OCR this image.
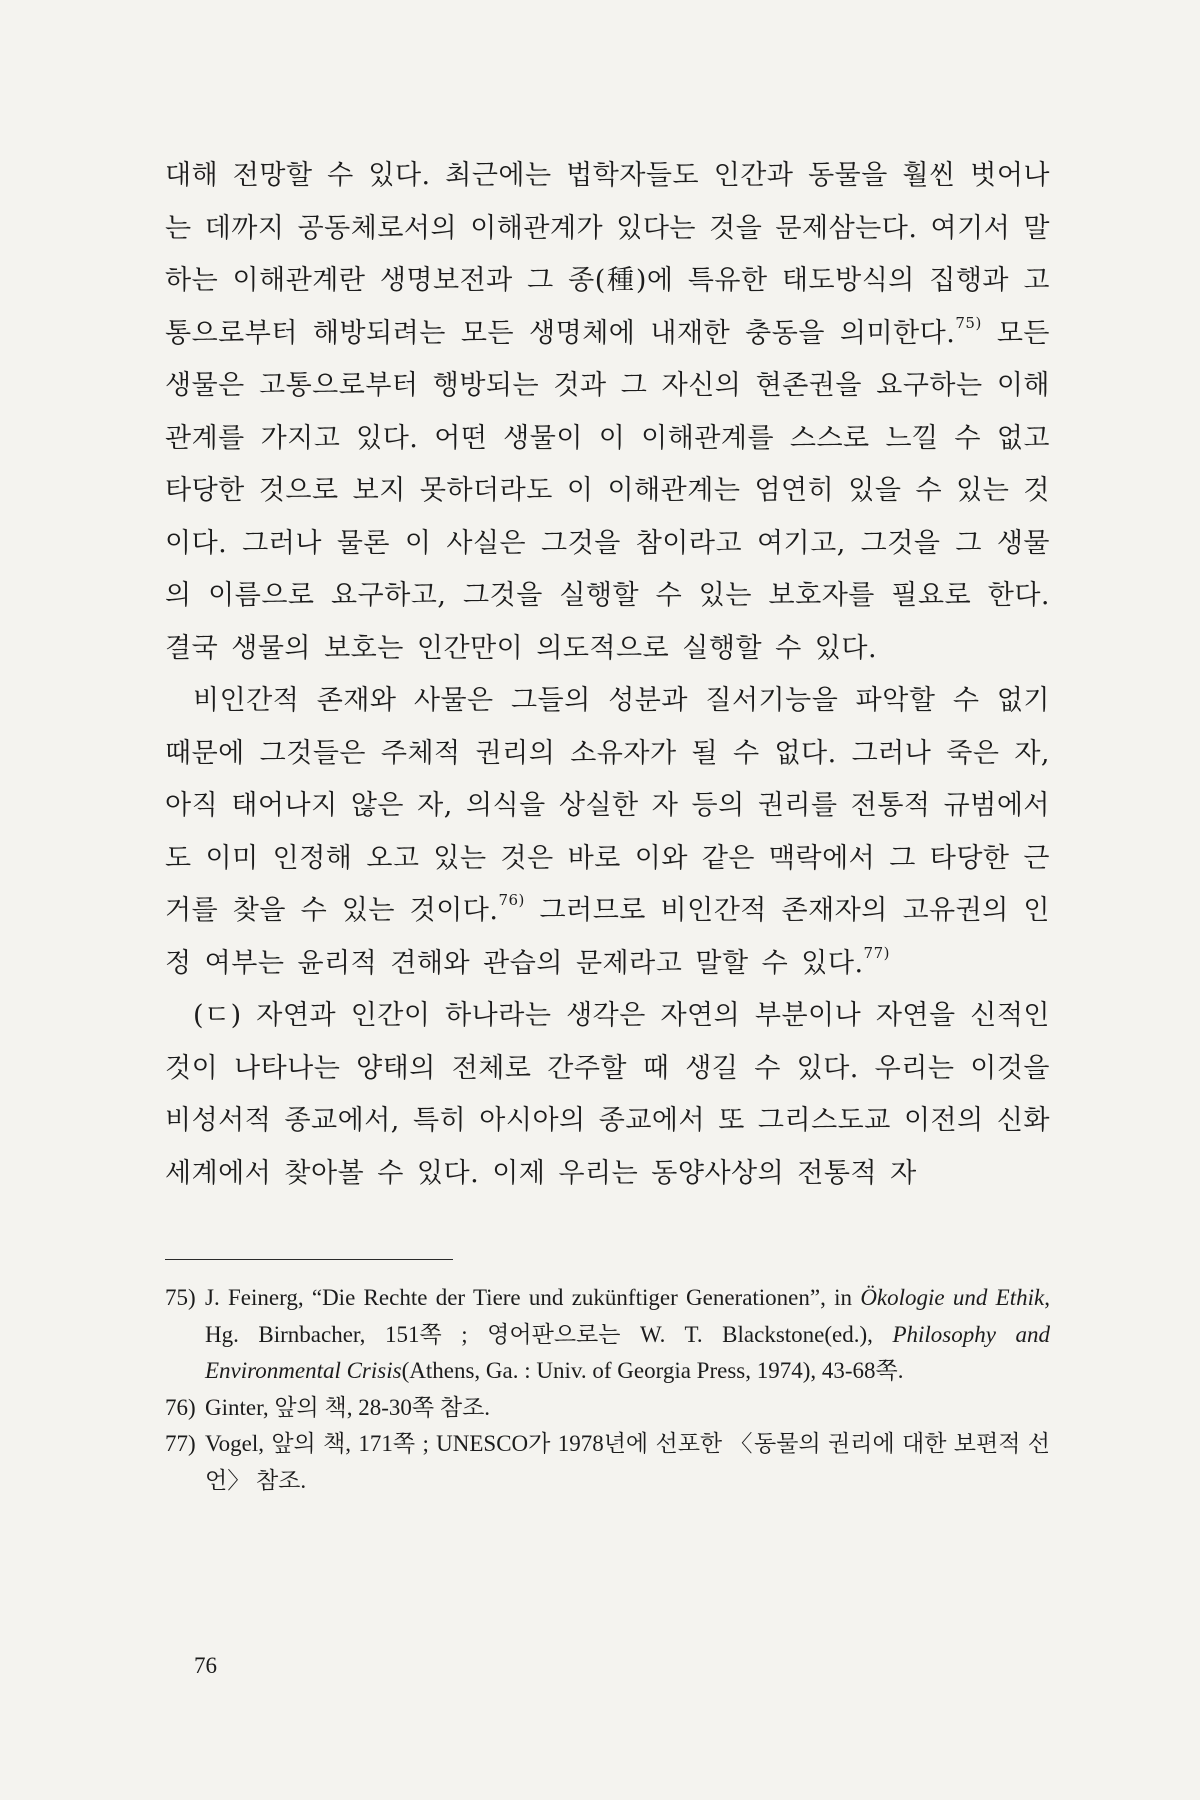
대해 전망할 수 있다. 최근에는 법학자들도 인간과 동물을 훨씬 벗어나는 데까지 공동체로서의 이해관계가 있다는 것을 문제삼는다. 여기서 말하는 이해관계란 생명보전과 그 종(種)에 특유한 태도방식의 집행과 고통으로부터 해방되려는 모든 생명체에 내재한 충동을 의미한다.$^{75)}$ 모든 생물은 고통으로부터 행방되는 것과 그 자신의 현존권을 요구하는 이해관계를 가지고 있다. 어떤 생물이 이 이해관계를 스스로 느낄 수 없고 타당한 것으로 보지 못하더라도 이 이해관계는 엄연히 있을 수 있는 것이다. 그러나 물론 이 사실은 그것을 참이라고 여기고, 그것을 그 생물의 이름으로 요구하고, 그것을 실행할 수 있는 보호자를 필요로 한다. 결국 생물의 보호는 인간만이 의도적으로 실행할 수 있다.

비인간적 존재와 사물은 그들의 성분과 질서기능을 파악할 수 없기 때문에 그것들은 주체적 권리의 소유자가 될 수 없다. 그러나 죽은 자, 아직 태어나지 않은 자, 의식을 상실한 자 등의 권리를 전통적 규범에서도 이미 인정해 오고 있는 것은 바로 이와 같은 맥락에서 그 타당한 근거를 찾을 수 있는 것이다.$^{76)}$ 그러므로 비인간적 존재자의 고유권의 인정 여부는 윤리적 견해와 관습의 문제라고 말할 수 있다.$^{77)}$

(ㄷ) 자연과 인간이 하나라는 생각은 자연의 부분이나 자연을 신적인 것이 나타나는 양태의 전체로 간주할 때 생길 수 있다. 우리는 이것을 비성서적 종교에서, 특히 아시아의 종교에서 또 그리스도교 이전의 신화세계에서 찾아볼 수 있다. 이제 우리는 동양사상의 전통적 자

75) J. Feinerg, “Die Rechte der Tiere und zukünftiger Generationen”, in Ökologie und Ethik, Hg. Birnbacher, 151쪽 ; 영어판으로는 W. T. Blackstone(ed.), Philosophy and Environmental Crisis(Athens, Ga. : Univ. of Georgia Press, 1974), 43-68쪽.
76) Ginter, 앞의 책, 28-30쪽 참조.
77) Vogel, 앞의 책, 171쪽 ; UNESCO가 1978년에 선포한 〈동물의 권리에 대한 보편적 선언〉 참조.
76
